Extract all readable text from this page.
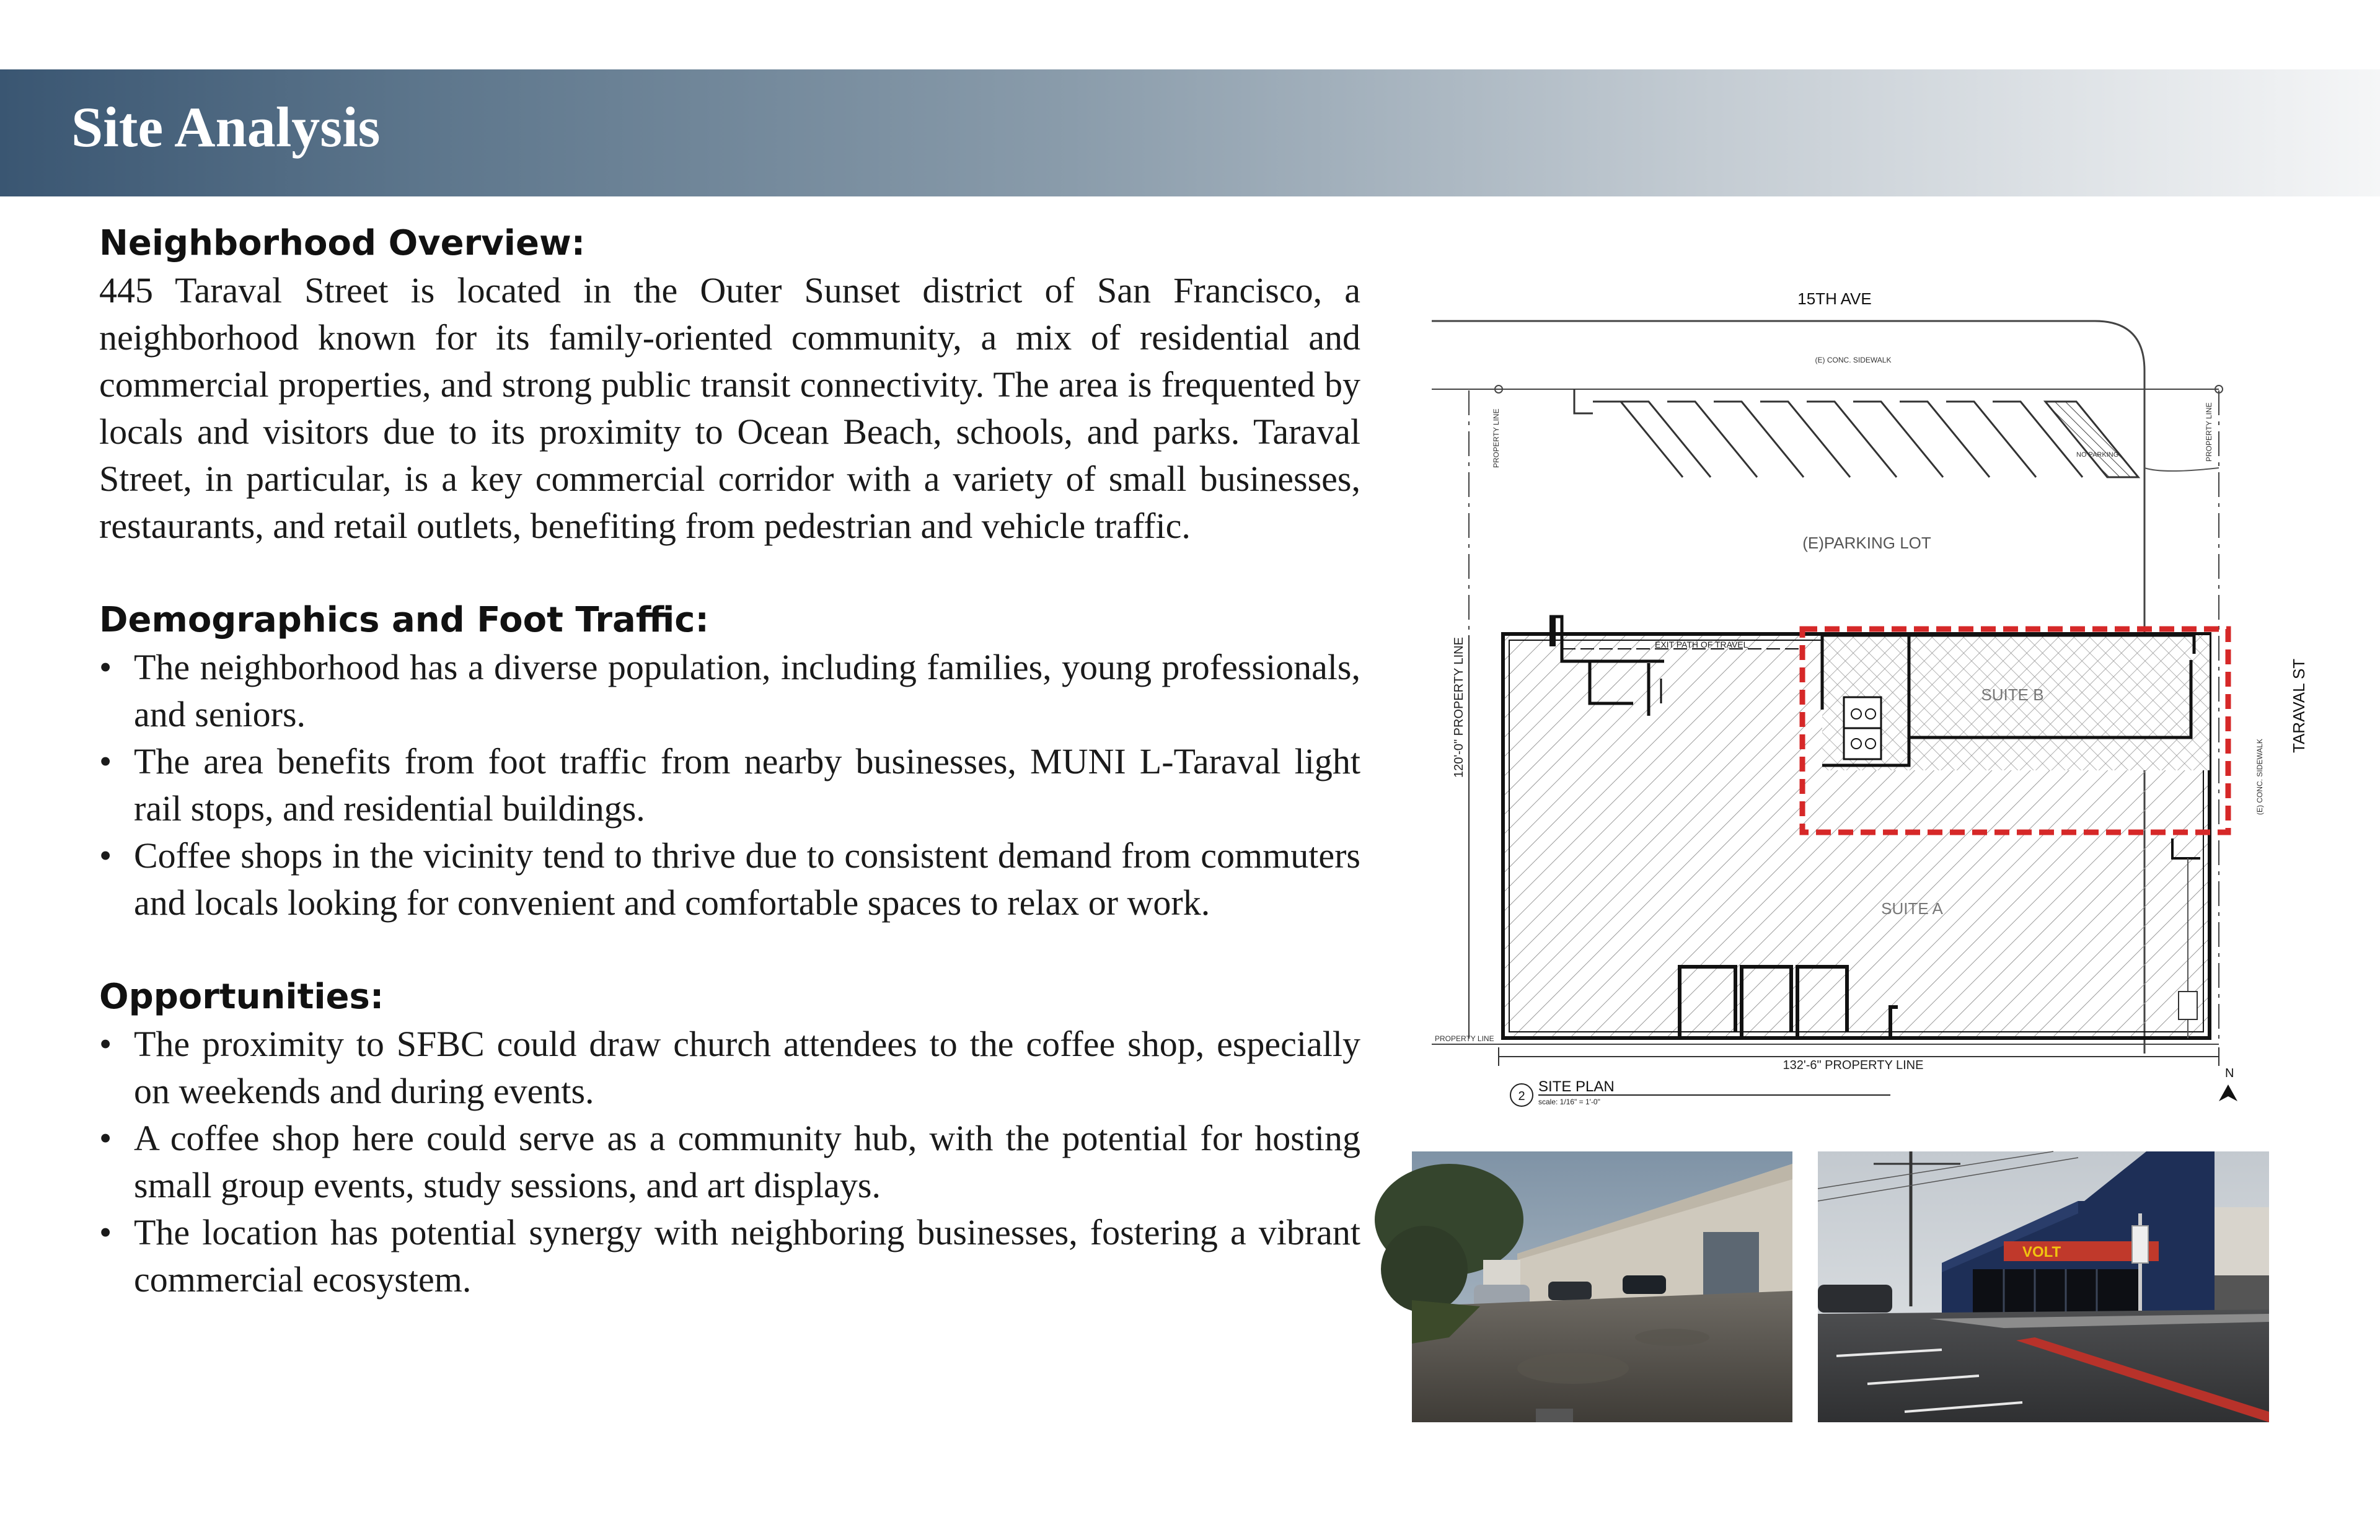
Site Analysis
Neighborhood Overview:

445 Taraval Street is located in the Outer Sunset district of San Francisco, a neighborhood known for its family-oriented community, a mix of residential and commercial properties, and strong public transit connectivity. The area is frequented by locals and visitors due to its proximity to Ocean Beach, schools, and parks. Taraval Street, in particular, is a key commercial corridor with a variety of small businesses, restaurants, and retail outlets, benefiting from pedestrian and vehicle traffic.

Demographics and Foot Traffic:
• The neighborhood has a diverse population, including families, young professionals, and seniors.
• The area benefits from foot traffic from nearby businesses, MUNI L-Taraval light rail stops, and residential buildings.
• Coffee shops in the vicinity tend to thrive due to consistent demand from commuters and locals looking for convenient and comfortable spaces to relax or work.
Opportunities:
• The proximity to SFBC could draw church attendees to the coffee shop, especially on weekends and during events.
• A coffee shop here could serve as a community hub, with the potential for hosting small group events, study sessions, and art displays.
• The location has potential synergy with neighboring businesses, fostering a vibrant commercial ecosystem.
15TH AVE
(E) CONC. SIDEWALK
(E) CONC. SIDEWALK
TARAVAL ST
PROPERTY LINE	PROPERTY LINE
NO PARKING
(E)PARKING LOT
120'-0" PROPERTY LINE	EXIT PATH OF TRAVEL
SUITE B
SUITE A
PROPERTY LINE
132'-6" PROPERTY LINE
N
2
SITE PLAN
scale: 1/16" = 1'-0"
VOLT
